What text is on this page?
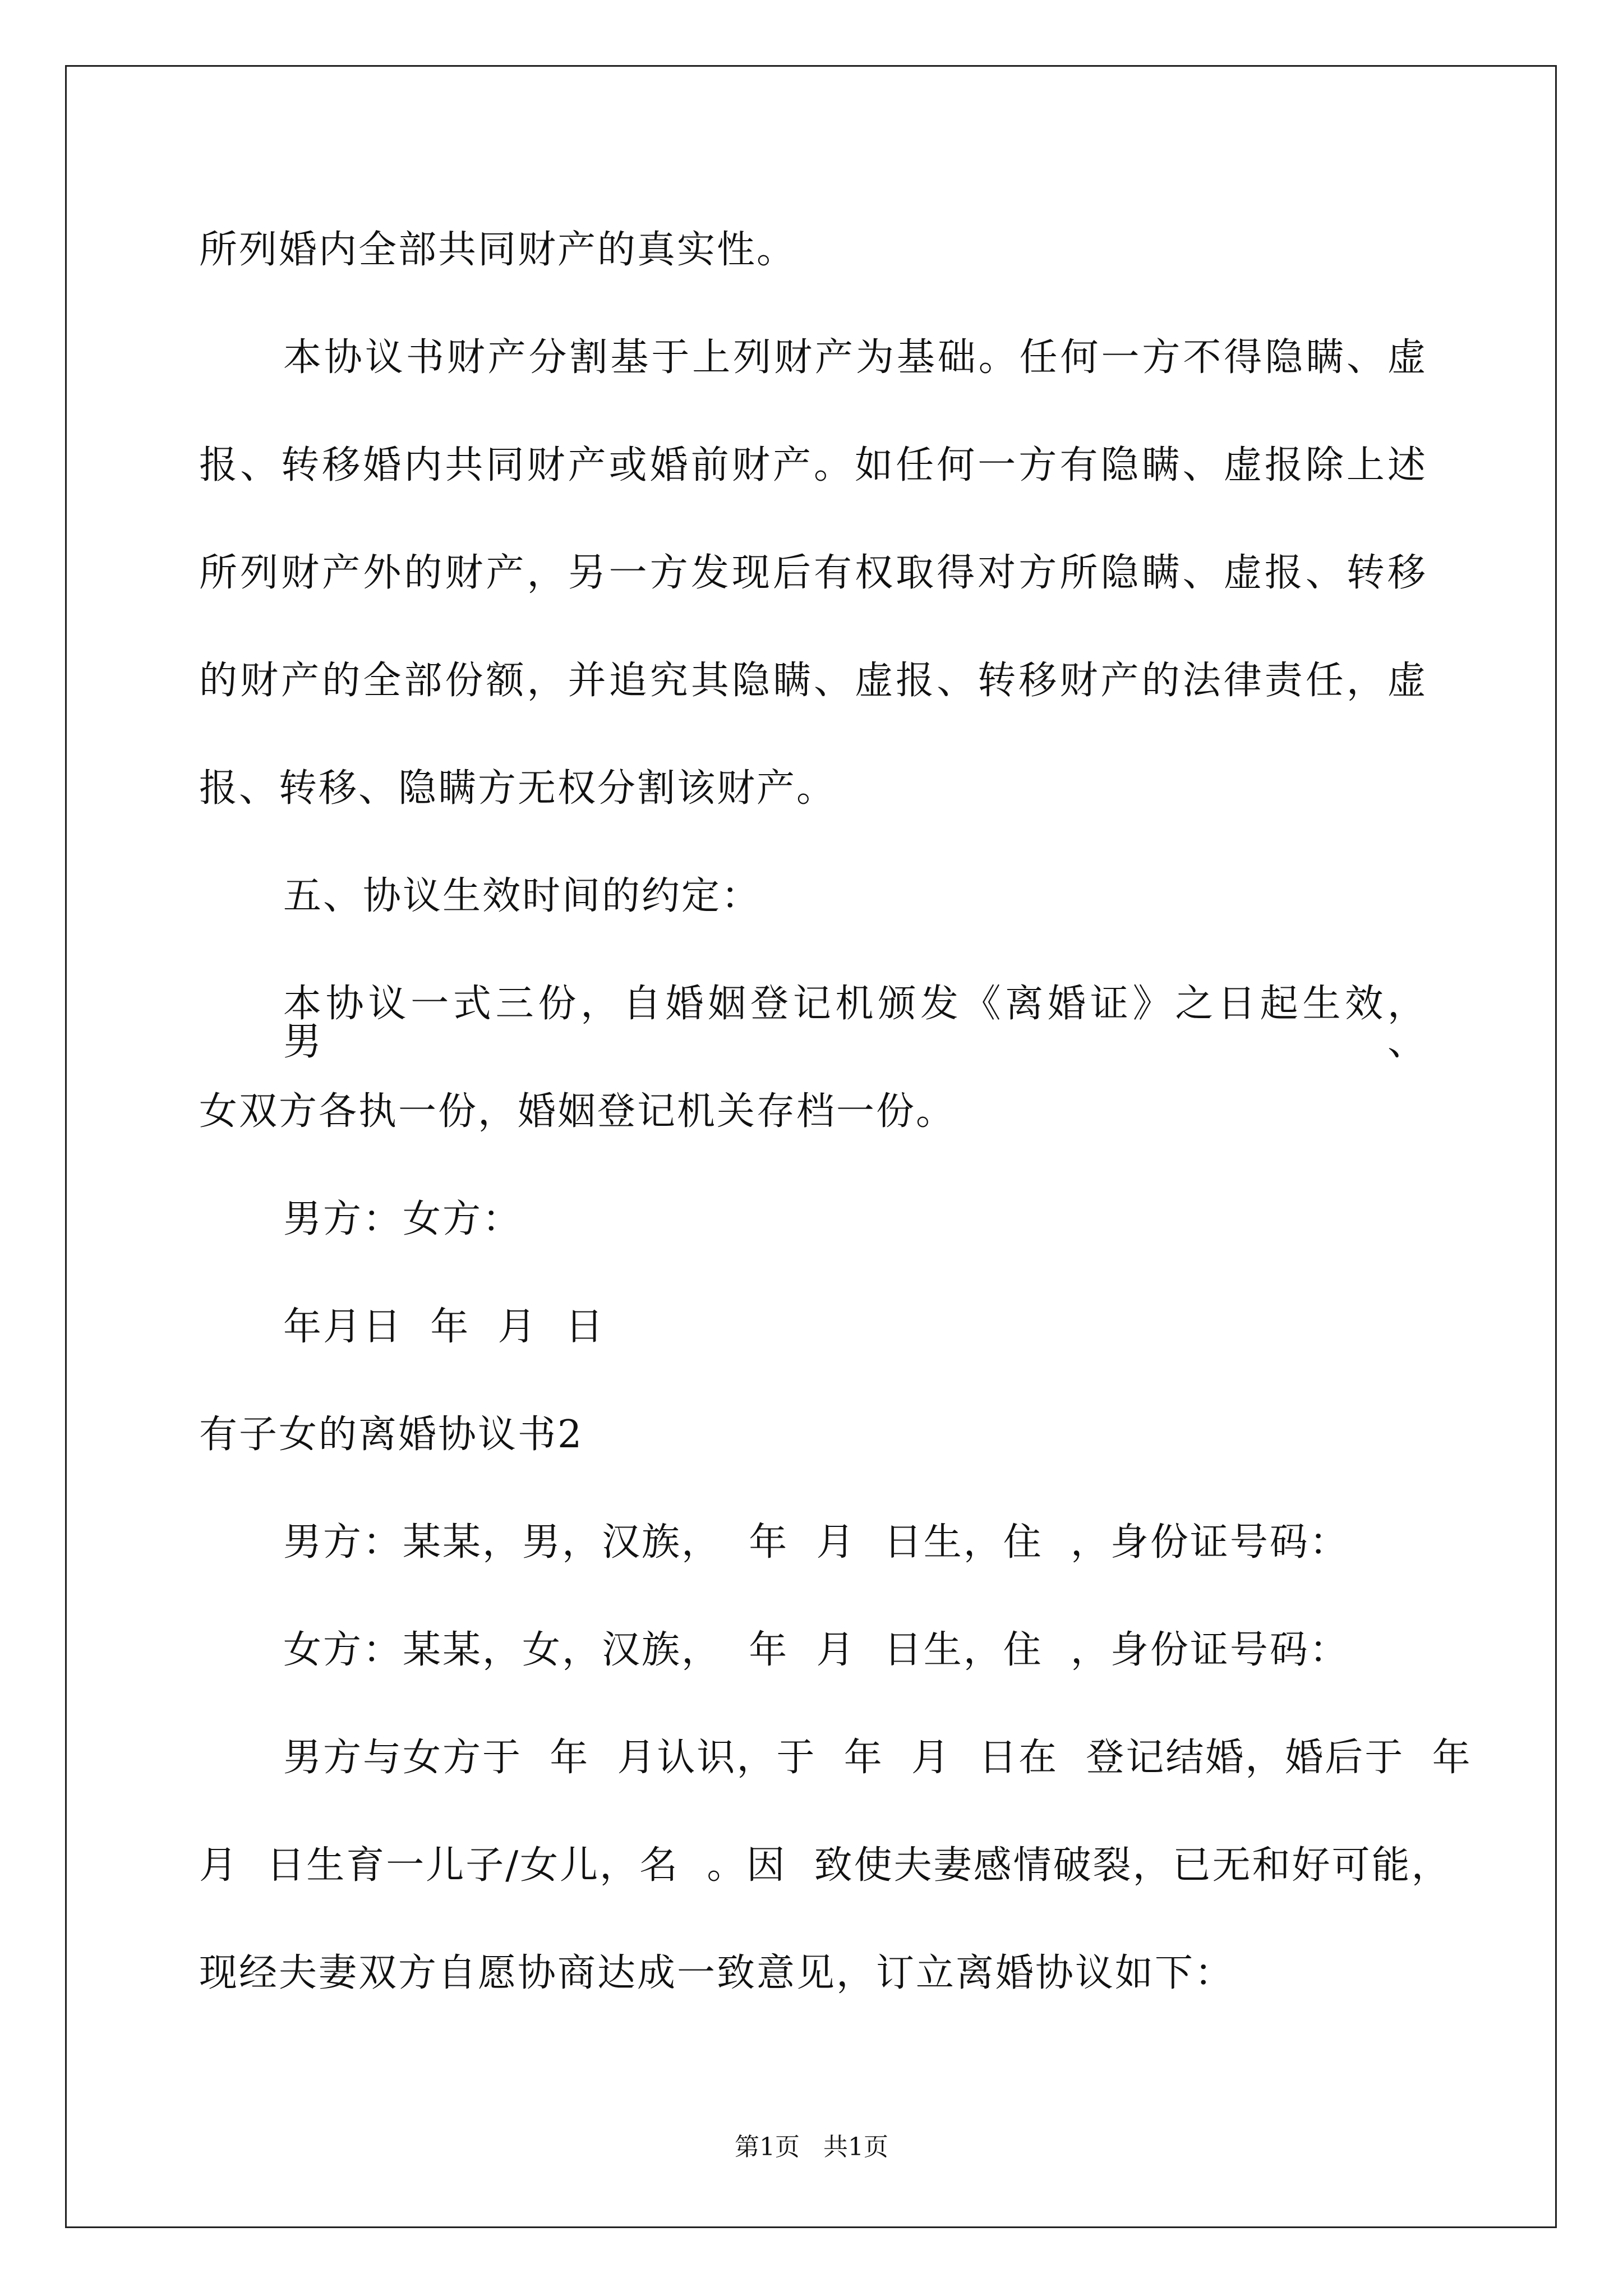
所列婚内全部共同财产的真实性。
本协议书财产分割基于上列财产为基础。任何一方不得隐瞒、虚
报、转移婚内共同财产或婚前财产。如任何一方有隐瞒、虚报除上述
所列财产外的财产，另一方发现后有权取得对方所隐瞒、虚报、转移
的财产的全部份额，并追究其隐瞒、虚报、转移财产的法律责任，虚
报、转移、隐瞒方无权分割该财产。
五、协议生效时间的约定：
本协议一式三份，自婚姻登记机颁发《离婚证》之日起生效，男、
女双方各执一份，婚姻登记机关存档一份。
男方：女方：
年月日  年  月  日
有子女的离婚协议书2
男方：某某，男，汉族，  年  月  日生，住  ，身份证号码：
女方：某某，女，汉族，  年  月  日生，住  ，身份证号码：
男方与女方于  年  月认识，于  年  月  日在  登记结婚，婚后于  年
月  日生育一儿子/女儿，名  。因  致使夫妻感情破裂，已无和好可能，
现经夫妻双方自愿协商达成一致意见，订立离婚协议如下：
第1页   共1页
